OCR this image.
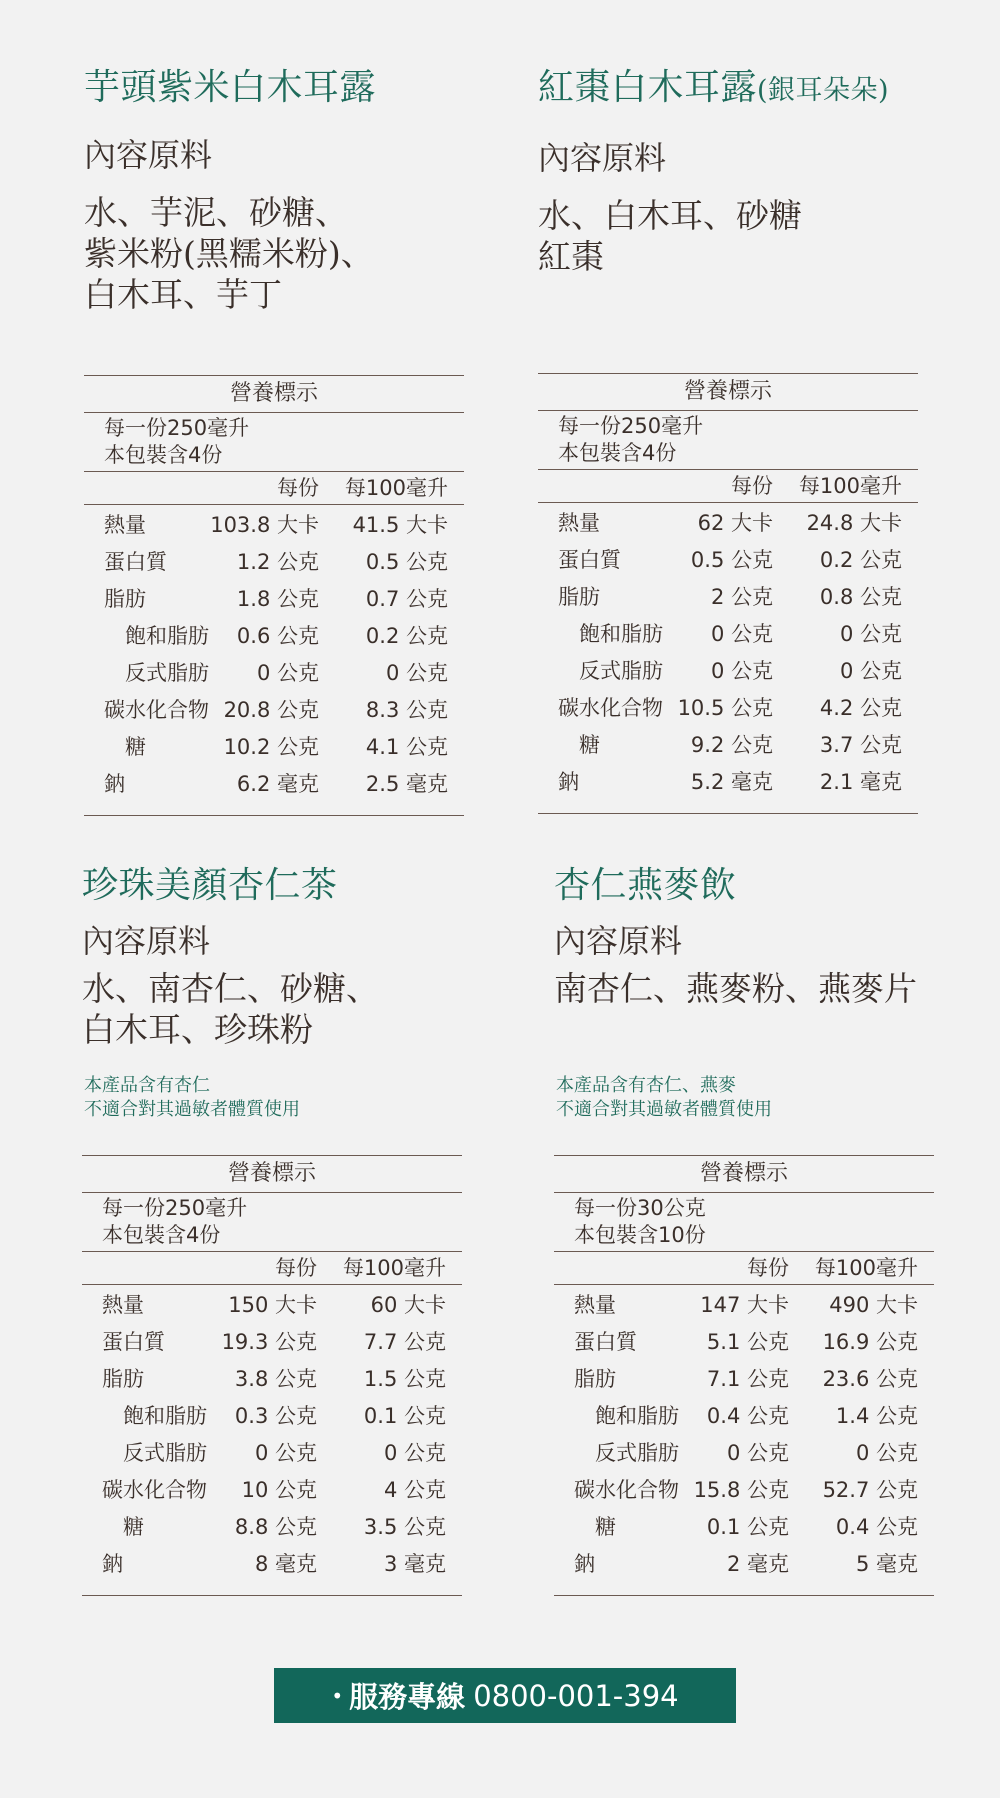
芋頭紫米白木耳露
內容原料
水、芋泥、砂糖、
紫米粉(黑糯米粉)、
白木耳、芋丁
營養標示
每一份250毫升
本包裝含4份
每份 每100毫升
熱量	103.8 大卡 41.5 大卡
蛋白質	1.2 公克 0.5 公克
脂肪	1.8 公克 0.7 公克
飽和脂肪 0.6 公克 0.2 公克
反式脂肪 0 公克	0 公克
碳水化合物 20.8 公克 8.3 公克
糖	10.2 公克 4.1 公克
鈉	6.2 毫克 2.5 毫克
紅棗白木耳露(銀耳朵朵)
內容原料
水、白木耳、砂糖
紅棗
營養標示
每一份250毫升
本包裝含4份
每份 每100毫升
熱量	62 大卡 24.8 大卡
蛋白質	0.5 公克 0.2 公克
脂肪	2 公克 0.8 公克
飽和脂肪 0 公克	0 公克
反式脂肪 0 公克	0 公克
碳水化合物 10.5 公克 4.2 公克
糖	9.2 公克 3.7 公克
鈉	5.2 毫克 2.1 毫克
珍珠美顏杏仁茶
內容原料
水、南杏仁、砂糖、
白木耳、珍珠粉
本產品含有杏仁
不適合對其過敏者體質使用
營養標示
每一份250毫升
本包裝含4份
每份 每100毫升
熱量	150 大卡	60 大卡
蛋白質	19.3 公克 7.7 公克
脂肪	3.8 公克 1.5 公克
飽和脂肪 0.3 公克 0.1 公克
反式脂肪 0 公克	0 公克
碳水化合物 10 公克	4 公克
糖	8.8 公克 3.5 公克
鈉	8 毫克	3 毫克
杏仁燕麥飲
內容原料
南杏仁、燕麥粉、燕麥片
本產品含有杏仁、燕麥
不適合對其過敏者體質使用
營養標示
每一份30公克
本包裝含10份
每份 每100毫升
熱量	147 大卡 490 大卡
蛋白質	5.1 公克 16.9 公克
脂肪	7.1 公克 23.6 公克
飽和脂肪 0.4 公克 1.4 公克
反式脂肪 0 公克	0 公克
碳水化合物 15.8 公克 52.7 公克
糖	0.1 公克 0.4 公克
鈉	2 毫克	5 毫克
• 服務專線 0800-001-394
